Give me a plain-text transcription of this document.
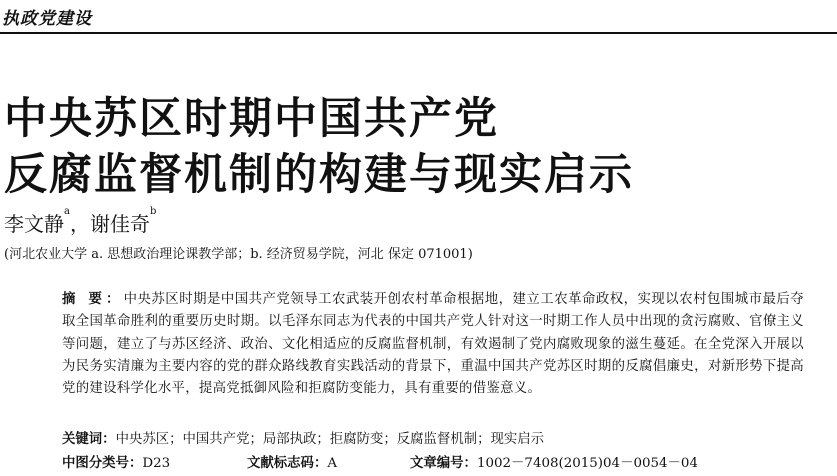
执政党建设
中央苏区时期中国共产党
反腐监督机制的构建与现实启示
李文静$^a$，谢佳奇$^b$
(河北农业大学 a. 思想政治理论课教学部；b. 经济贸易学院，河北 保定 071001)
摘 要：中央苏区时期是中国共产党领导工农武装开创农村革命根据地，建立工农革命政权，实现以农村包围城市最后夺取全国革命胜利的重要历史时期。以毛泽东同志为代表的中国共产党人针对这一时期工作人员中出现的贪污腐败、官僚主义等问题，建立了与苏区经济、政治、文化相适应的反腐监督机制，有效遏制了党内腐败现象的滋生蔓延。在全党深入开展以为民务实清廉为主要内容的党的群众路线教育实践活动的背景下，重温中国共产党苏区时期的反腐倡廉史，对新形势下提高党的建设科学化水平，提高党抵御风险和拒腐防变能力，具有重要的借鉴意义。
关键词：中央苏区；中国共产党；局部执政；拒腐防变；反腐监督机制；现实启示
中图分类号：D23	文献标志码：A	文章编号：1002－7408(2015)04－0054－04
